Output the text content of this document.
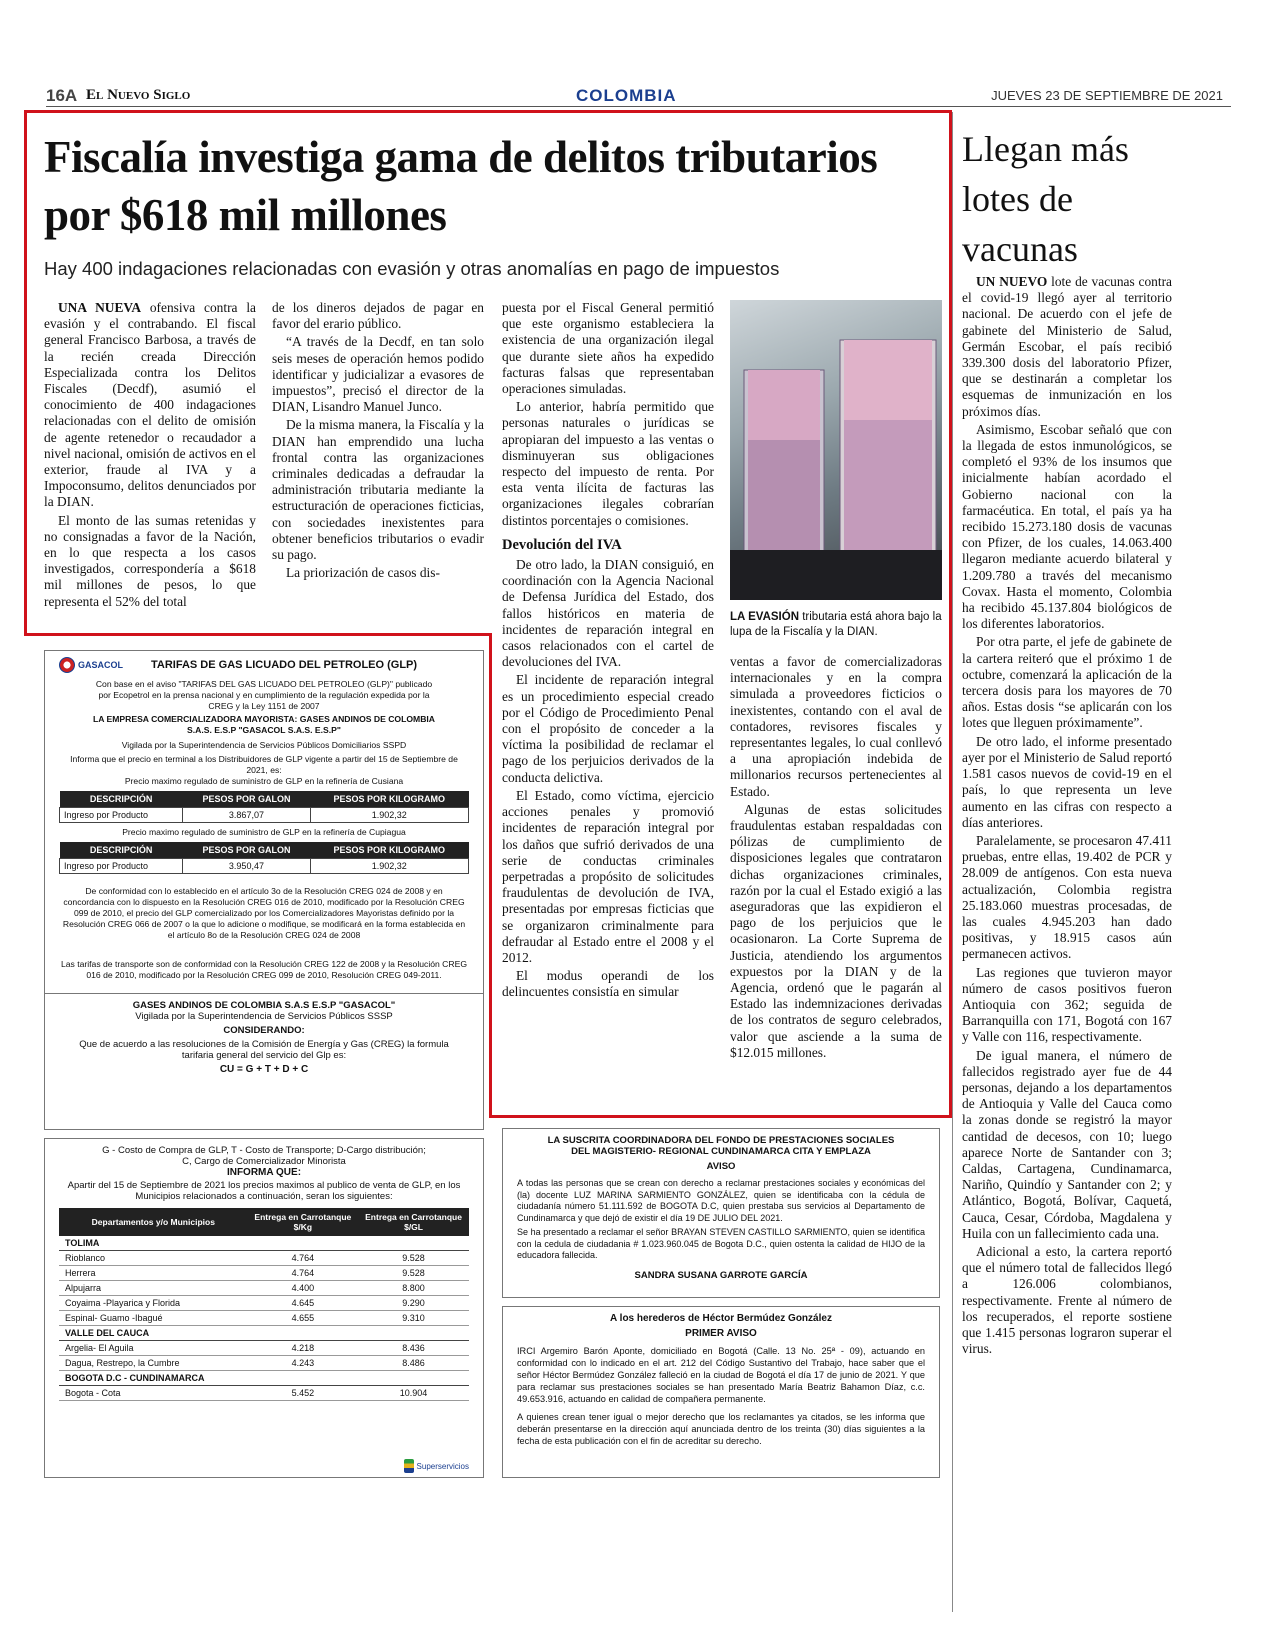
16A El Nuevo Siglo	COLOMBIA	JUEVES 23 DE SEPTIEMBRE DE 2021
Fiscalía investiga gama de delitos tributarios por $618 mil millones
Hay 400 indagaciones relacionadas con evasión y otras anomalías en pago de impuestos

UNA NUEVA ofensiva contra la evasión y el contrabando. El fiscal general Francisco Barbosa, a través de la recién creada Dirección Especializada contra los Delitos Fiscales (Decdf), asumió el conocimiento de 400 indagaciones relacionadas con el delito de omisión de agente retenedor o recaudador a nivel nacional, omisión de activos en el exterior, fraude al IVA y a Impoconsumo, delitos denunciados por la DIAN.

El monto de las sumas retenidas y no consignadas a favor de la Nación, en lo que respecta a los casos investigados, correspondería a $618 mil millones de pesos, lo que representa el 52% del total

de los dineros dejados de pagar en favor del erario público.

“A través de la Decdf, en tan solo seis meses de operación hemos podido identificar y judicializar a evasores de impuestos”, precisó el director de la DIAN, Lisandro Manuel Junco.

De la misma manera, la Fiscalía y la DIAN han emprendido una lucha frontal contra las organizaciones criminales dedicadas a defraudar la administración tributaria mediante la estructuración de operaciones ficticias, con sociedades inexistentes para obtener beneficios tributarios o evadir su pago.

La priorización de casos dis-

puesta por el Fiscal General permitió que este organismo estableciera la existencia de una organización ilegal que durante siete años ha expedido facturas falsas que representaban operaciones simuladas.

Lo anterior, habría permitido que personas naturales o jurídicas se apropiaran del impuesto a las ventas o disminuyeran sus obligaciones respecto del impuesto de renta. Por esta venta ilícita de facturas las organizaciones ilegales cobrarían distintos porcentajes o comisiones.

Devolución del IVA

De otro lado, la DIAN consiguió, en coordinación con la Agencia Nacional de Defensa Jurídica del Estado, dos fallos históricos en materia de incidentes de reparación integral en casos relacionados con el cartel de devoluciones del IVA.

El incidente de reparación integral es un procedimiento especial creado por el Código de Procedimiento Penal con el propósito de conceder a la víctima la posibilidad de reclamar el pago de los perjuicios derivados de la conducta delictiva.

El Estado, como víctima, ejercicio acciones penales y promovió incidentes de reparación integral por los daños que sufrió derivados de una serie de conductas criminales perpetradas a propósito de solicitudes fraudulentas de devolución de IVA, presentadas por empresas ficticias que se organizaron criminalmente para defraudar al Estado entre el 2008 y el 2012.

El modus operandi de los delincuentes consistía en simular

LA EVASIÓN tributaria está ahora bajo la lupa de la Fiscalía y la DIAN.

ventas a favor de comercializadoras internacionales y en la compra simulada a proveedores ficticios o inexistentes, contando con el aval de contadores, revisores fiscales y representantes legales, lo cual conllevó a una apropiación indebida de millonarios recursos pertenecientes al Estado.

Algunas de estas solicitudes fraudulentas estaban respaldadas con pólizas de cumplimiento de disposiciones legales que contrataron dichas organizaciones criminales, razón por la cual el Estado exigió a las aseguradoras que las expidieron el pago de los perjuicios que le ocasionaron. La Corte Suprema de Justicia, atendiendo los argumentos expuestos por la DIAN y de la Agencia, ordenó que le pagarán al Estado las indemnizaciones derivadas de los contratos de seguro celebrados, valor que asciende a la suma de $12.015 millones.

Llegan más lotes de vacunas

UN NUEVO lote de vacunas contra el covid-19 llegó ayer al territorio nacional. De acuerdo con el jefe de gabinete del Ministerio de Salud, Germán Escobar, el país recibió 339.300 dosis del laboratorio Pfizer, que se destinarán a completar los esquemas de inmunización en los próximos días.

Asimismo, Escobar señaló que con la llegada de estos inmunológicos, se completó el 93% de los insumos que inicialmente habían acordado el Gobierno nacional con la farmacéutica. En total, el país ya ha recibido 15.273.180 dosis de vacunas con Pfizer, de los cuales, 14.063.400 llegaron mediante acuerdo bilateral y 1.209.780 a través del mecanismo Covax. Hasta el momento, Colombia ha recibido 45.137.804 biológicos de los diferentes laboratorios.

Por otra parte, el jefe de gabinete de la cartera reiteró que el próximo 1 de octubre, comenzará la aplicación de la tercera dosis para los mayores de 70 años. Estas dosis “se aplicarán con los lotes que lleguen próximamente”.

De otro lado, el informe presentado ayer por el Ministerio de Salud reportó 1.581 casos nuevos de covid-19 en el país, lo que representa un leve aumento en las cifras con respecto a días anteriores.

Paralelamente, se procesaron 47.411 pruebas, entre ellas, 19.402 de PCR y 28.009 de antígenos. Con esta nueva actualización, Colombia registra 25.183.060 muestras procesadas, de las cuales 4.945.203 han dado positivas, y 18.915 casos aún permanecen activos.

Las regiones que tuvieron mayor número de casos positivos fueron Antioquia con 362; seguida de Barranquilla con 171, Bogotá con 167 y Valle con 116, respectivamente.

De igual manera, el número de fallecidos registrado ayer fue de 44 personas, dejando a los departamentos de Antioquia y Valle del Cauca como la zonas donde se registró la mayor cantidad de decesos, con 10; luego aparece Norte de Santander con 3; Caldas, Cartagena, Cundinamarca, Nariño, Quindío y Santander con 2; y Atlántico, Bogotá, Bolívar, Caquetá, Cauca, Cesar, Córdoba, Magdalena y Huila con un fallecimiento cada una.

Adicional a esto, la cartera reportó que el número total de fallecidos llegó a 126.006 colombianos, respectivamente. Frente al número de los recuperados, el reporte sostiene que 1.415 personas lograron superar el virus.

GASACOL	TARIFAS DE GAS LICUADO DEL PETROLEO (GLP)
Con base en el aviso "TARIFAS DEL GAS LICUADO DEL PETROLEO (GLP)" publicado por Ecopetrol en la prensa nacional y en cumplimiento de la regulación expedida por la CREG y la Ley 1151 de 2007
LA EMPRESA COMERCIALIZADORA MAYORISTA: GASES ANDINOS DE COLOMBIA S.A.S. E.S.P "GASACOL S.A.S. E.S.P"
Vigilada por la Superintendencia de Servicios Públicos Domiciliarios SSPD
Informa que el precio en terminal a los Distribuidores de GLP vigente a partir del 15 de Septiembre de 2021, es:
Precio maximo regulado de suministro de GLP en la refinería de Cusiana
DESCRIPCIÓN	PESOS POR GALON	PESOS POR KILOGRAMO
Ingreso por Producto	3.867,07	1.902,32
Precio maximo regulado de suministro de GLP en la refinería de Cupiagua
DESCRIPCIÓN	PESOS POR GALON	PESOS POR KILOGRAMO
Ingreso por Producto	3.950,47	1.902,32
De conformidad con lo establecido en el artículo 3o de la Resolución CREG 024 de 2008 y en concordancia con lo dispuesto en la Resolución CREG 016 de 2010, modificado por la Resolución CREG 099 de 2010, el precio del GLP comercializado por los Comercializadores Mayoristas definido por la Resolución CREG 066 de 2007 o la que lo adicione o modifique, se modificará en la forma establecida en el artículo 8o de la Resolución CREG 024 de 2008
Las tarifas de transporte son de conformidad con la Resolución CREG 122 de 2008 y la Resolución CREG 016 de 2010, modificado por la Resolución CREG 099 de 2010, Resolución CREG 049-2011.
GASES ANDINOS DE COLOMBIA S.A.S E.S.P "GASACOL"
Vigilada por la Superintendencia de Servicios Públicos SSSP
CONSIDERANDO:
Que de acuerdo a las resoluciones de la Comisión de Energía y Gas (CREG) la formula tarifaria general del servicio del Glp es:
CU = G + T + D + C
G - Costo de Compra de GLP, T - Costo de Transporte; D-Cargo distribución; C, Cargo de Comercializador Minorista
INFORMA QUE:
Apartir del 15 de Septiembre de 2021 los precios maximos al publico de venta de GLP, en los Municipios relacionados a continuación, seran los siguientes:
Departamentos y/o Municipios	Entrega en Carrotanque $/Kg	Entrega en Carrotanque $/GL
TOLIMA		
Rioblanco	4.764	9.528
Herrera	4.764	9.528
Alpujarra	4.400	8.800
Coyaima -Playarica y Florida	4.645	9.290
Espinal- Guamo -Ibagué	4.655	9.310
VALLE DEL CAUCA		
Argelia- El Aguila	4.218	8.436
Dagua, Restrepo, la Cumbre	4.243	8.486
BOGOTA D.C - CUNDINAMARCA		
Bogota - Cota	5.452	10.904
Superservicios
LA SUSCRITA COORDINADORA DEL FONDO DE PRESTACIONES SOCIALES DEL MAGISTERIO- REGIONAL CUNDINAMARCA CITA Y EMPLAZA
AVISO

A todas las personas que se crean con derecho a reclamar prestaciones sociales y económicas del (la) docente LUZ MARINA SARMIENTO GONZÁLEZ, quien se identificaba con la cédula de ciudadanía número 51.111.592 de BOGOTA D.C, quien prestaba sus servicios al Departamento de Cundinamarca y que dejó de existir el día 19 DE JULIO DEL 2021.

Se ha presentado a reclamar el señor BRAYAN STEVEN CASTILLO SARMIENTO, quien se identifica con la cedula de ciudadania # 1.023.960.045 de Bogota D.C., quien ostenta la calidad de HIJO de la educadora fallecida.

SANDRA SUSANA GARROTE GARCÍA
A los herederos de Héctor Bermúdez González
PRIMER AVISO

IRCI Argemiro Barón Aponte, domiciliado en Bogotá (Calle. 13 No. 25ª - 09), actuando en conformidad con lo indicado en el art. 212 del Código Sustantivo del Trabajo, hace saber que el señor Héctor Bermúdez González falleció en la ciudad de Bogotá el día 17 de junio de 2021. Y que para reclamar sus prestaciones sociales se han presentado María Beatriz Bahamon Díaz, c.c. 49.653.916, actuando en calidad de compañera permanente.

A quienes crean tener igual o mejor derecho que los reclamantes ya citados, se les informa que deberán presentarse en la dirección aquí anunciada dentro de los treinta (30) días siguientes a la fecha de esta publicación con el fin de acreditar su derecho.
